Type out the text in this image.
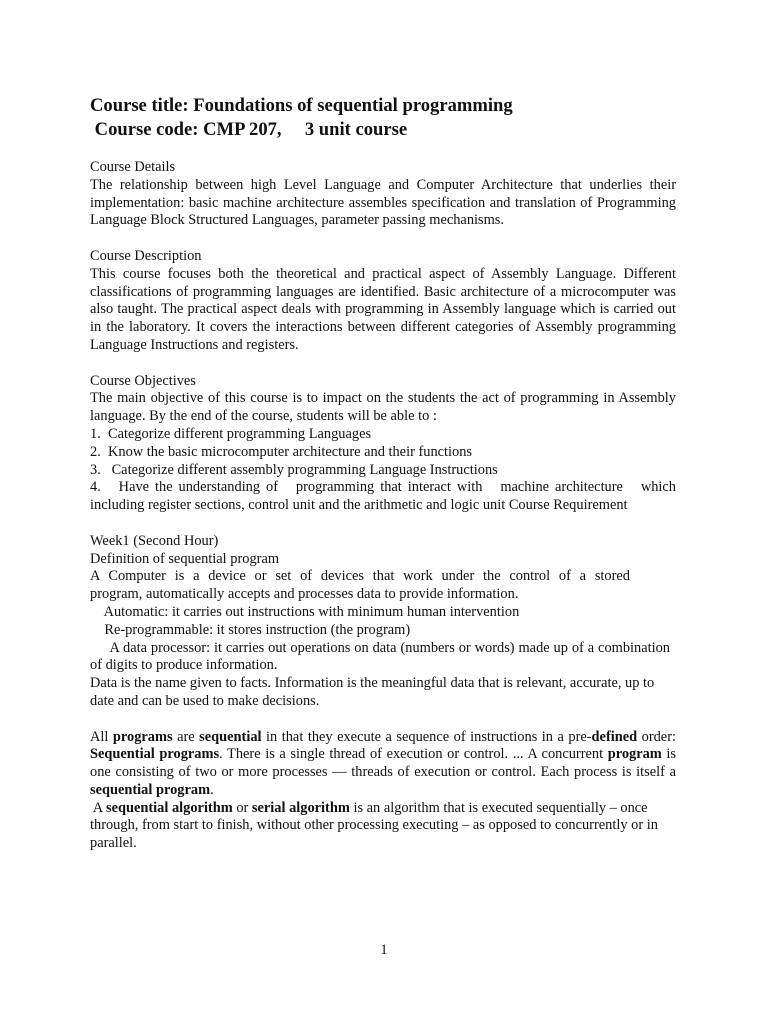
Course title: Foundations of sequential programming

Course code: CMP 207,     3 unit course

Course Details

The relationship between high Level Language and Computer Architecture that underlies their implementation: basic machine architecture assembles specification and translation of Programming Language Block Structured Languages, parameter passing mechanisms.

Course Description

This course focuses both the theoretical and practical aspect of Assembly Language. Different classifications of programming languages are identified. Basic architecture of a microcomputer was also taught. The practical aspect deals with programming in Assembly language which is carried out in the laboratory. It covers the interactions between different categories of Assembly programming Language Instructions and registers.

Course Objectives

The main objective of this course is to impact on the students the act of programming in Assembly language. By the end of the course, students will be able to :

1.  Categorize different programming Languages

2.  Know the basic microcomputer architecture and their functions

3.   Categorize different assembly programming Language Instructions

4.   Have the understanding of   programming that interact with   machine architecture   which including register sections, control unit and the arithmetic and logic unit Course Requirement

Week1 (Second Hour)

Definition of sequential program

A Computer is a device or set of devices that work under the control of a stored

program, automatically accepts and processes data to provide information.

Automatic: it carries out instructions with minimum human intervention

Re-programmable: it stores instruction (the program)

A data processor: it carries out operations on data (numbers or words) made up of a combination of digits to produce information.

Data is the name given to facts. Information is the meaningful data that is relevant, accurate, up to date and can be used to make decisions.

All programs are sequential in that they execute a sequence of instructions in a pre-defined order: Sequential programs. There is a single thread of execution or control. ... A concurrent program is one consisting of two or more processes — threads of execution or control. Each process is itself a sequential program.

A sequential algorithm or serial algorithm is an algorithm that is executed sequentially – once through, from start to finish, without other processing executing – as opposed to concurrently or in parallel.

1
